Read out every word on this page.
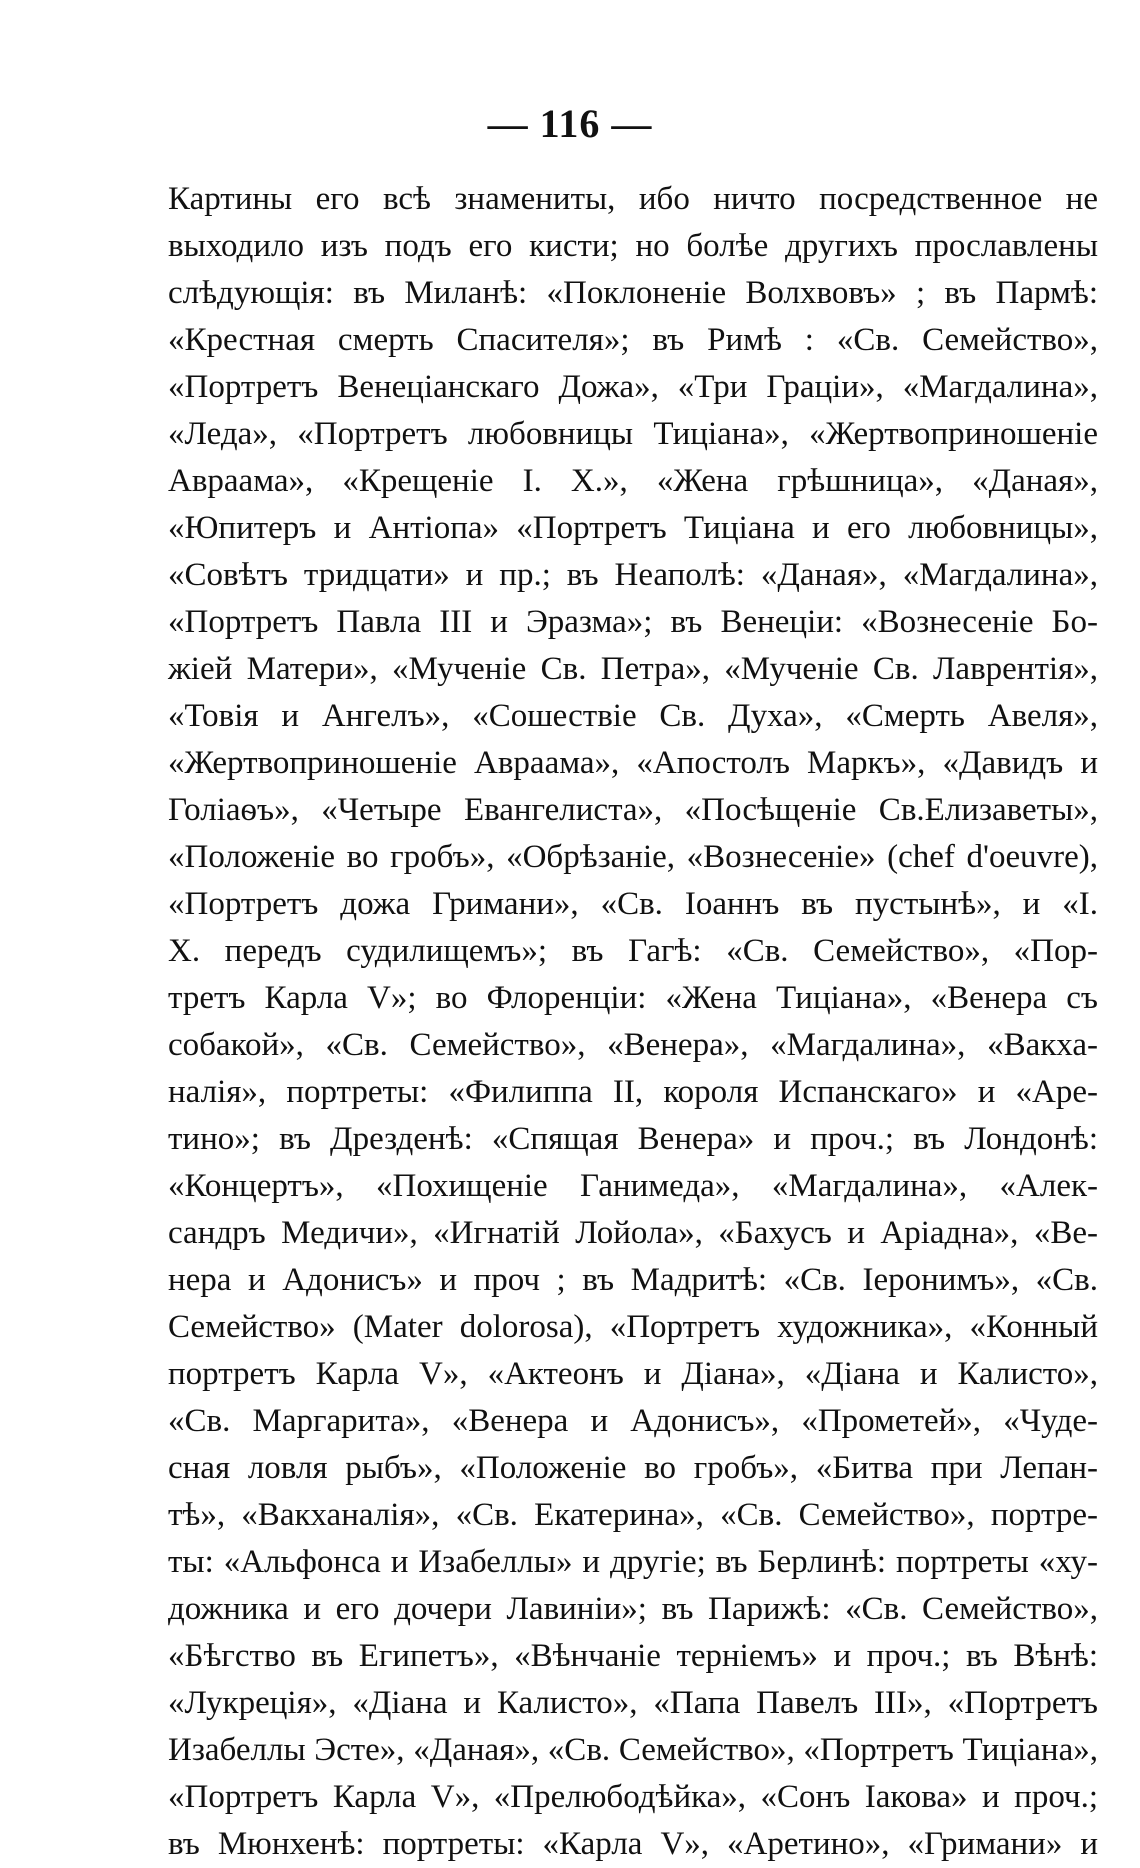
— 116 —
Картины его всѣ знамениты, ибо ничто посредственное не
выходило изъ подъ его кисти; но болѣе другихъ прославлены
слѣдующія: въ Миланѣ: «Поклоненіе Волхвовъ» ; въ Пармѣ:
«Крестная смерть Спасителя»; въ Римѣ : «Св. Семейство»,
«Портретъ Венеціанскаго Дожа», «Три Граціи», «Магдалина»,
«Леда», «Портретъ любовницы Тиціана», «Жертвоприношеніе
Авраама», «Крещеніе I. X.», «Жена грѣшница», «Даная»,
«Юпитеръ и Антіопа» «Портретъ Тиціана и его любовницы»,
«Совѣтъ тридцати» и пр.; въ Неаполѣ: «Даная», «Магдалина»,
«Портретъ Павла III и Эразма»; въ Венеціи: «Вознесеніе Бо-
жіей Матери», «Мученіе Св. Петра», «Мученіе Св. Лаврентія»,
«Товія и Ангелъ», «Сошествіе Св. Духа», «Смерть Авеля»,
«Жертвоприношеніе Авраама», «Апостолъ Маркъ», «Давидъ и
Голіаѳъ», «Четыре Евангелиста», «Посѣщеніе Св.Елизаветы»,
«Положеніе во гробъ», «Обрѣзаніе, «Вознесеніе» (chef d'oeuvre),
«Портретъ дожа Гримани», «Св. Іоаннъ въ пустынѣ», и «I.
X. передъ судилищемъ»; въ Гагѣ: «Св. Семейство», «Пор-
третъ Карла V»; во Флоренціи: «Жена Тиціана», «Венера съ
собакой», «Св. Семейство», «Венера», «Магдалина», «Вакха-
налія», портреты: «Филиппа II, короля Испанскаго» и «Аре-
тино»; въ Дрезденѣ: «Спящая Венера» и проч.; въ Лондонѣ:
«Концертъ», «Похищеніе Ганимеда», «Магдалина», «Алек-
сандръ Медичи», «Игнатій Лойола», «Бахусъ и Аріадна», «Ве-
нера и Адонисъ» и проч ; въ Мадритѣ: «Св. Іеронимъ», «Св.
Семейство» (Mater dolorosa), «Портретъ художника», «Конный
портретъ Карла V», «Актеонъ и Діана», «Діана и Калисто»,
«Св. Маргарита», «Венера и Адонисъ», «Прометей», «Чуде-
сная ловля рыбъ», «Положеніе во гробъ», «Битва при Лепан-
тѣ», «Вакханалія», «Св. Екатерина», «Св. Семейство», портре-
ты: «Альфонса и Изабеллы» и другіе; въ Берлинѣ: портреты «ху-
дожника и его дочери Лавиніи»; въ Парижѣ: «Св. Семейство»,
«Бѣгство въ Египетъ», «Вѣнчаніе терніемъ» и проч.; въ Вѣнѣ:
«Лукреція», «Діана и Калисто», «Папа Павелъ III», «Портретъ
Изабеллы Эсте», «Даная», «Св. Семейство», «Портретъ Тиціана»,
«Портретъ Карла V», «Прелюбодѣйка», «Сонъ Іакова» и проч.;
въ Мюнхенѣ: портреты: «Карла V», «Аретино», «Гримани» и
